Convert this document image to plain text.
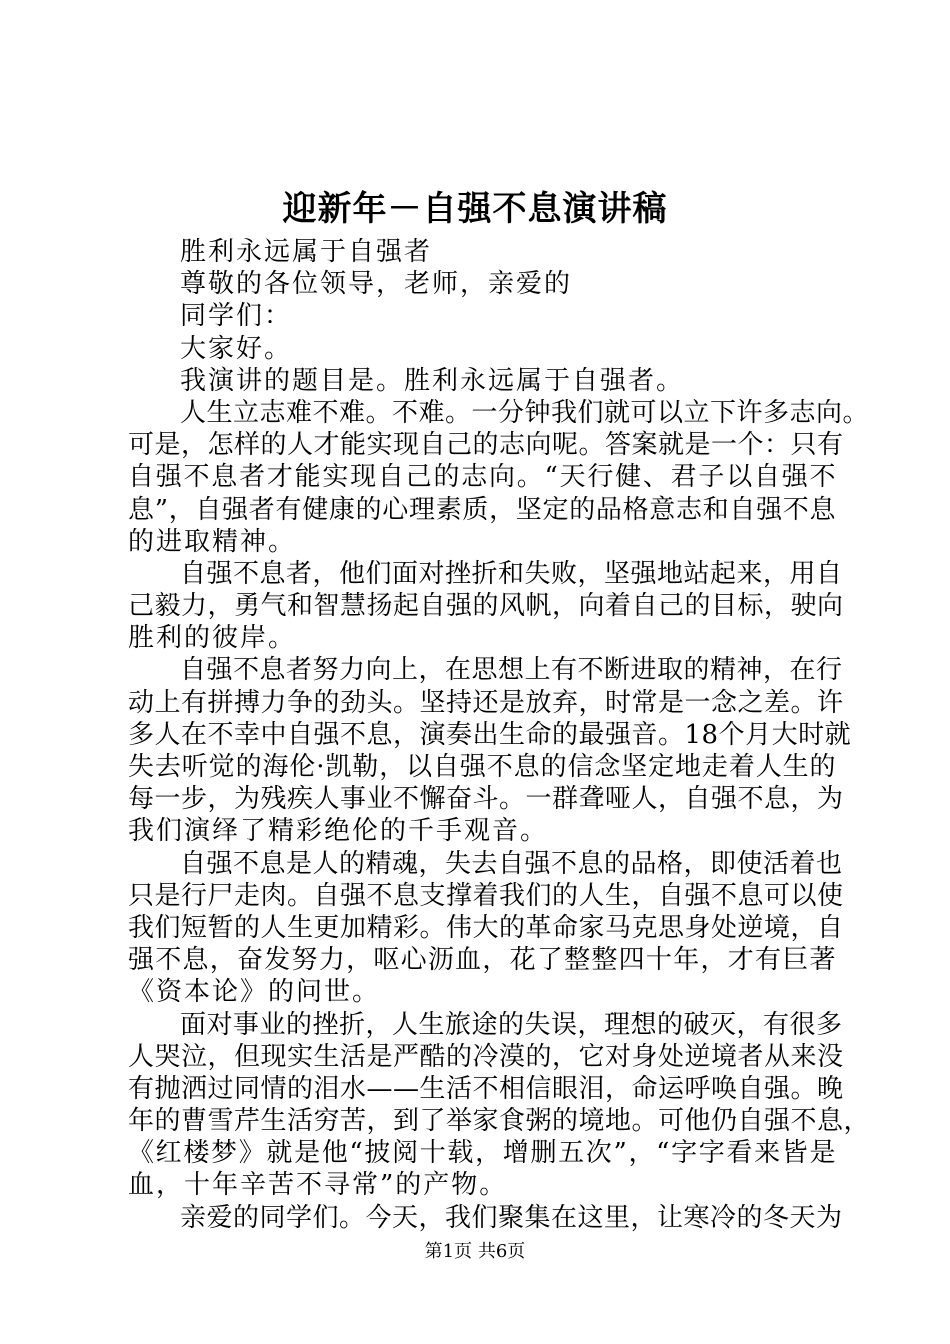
迎新年－自强不息演讲稿
胜利永远属于自强者
尊敬的各位领导，老师，亲爱的
同学们：
大家好。
我演讲的题目是。胜利永远属于自强者。
人生立志难不难。不难。一分钟我们就可以立下许多志向。
可是，怎样的人才能实现自己的志向呢。答案就是一个：只有
自强不息者才能实现自己的志向。“天行健、君子以自强不
息”，自强者有健康的心理素质，坚定的品格意志和自强不息
的进取精神。
自强不息者，他们面对挫折和失败，坚强地站起来，用自
己毅力，勇气和智慧扬起自强的风帆，向着自己的目标，驶向
胜利的彼岸。
自强不息者努力向上，在思想上有不断进取的精神，在行
动上有拼搏力争的劲头。坚持还是放弃，时常是一念之差。许
多人在不幸中自强不息，演奏出生命的最强音。18个月大时就
失去听觉的海伦·凯勒，以自强不息的信念坚定地走着人生的
每一步，为残疾人事业不懈奋斗。一群聋哑人，自强不息，为
我们演绎了精彩绝伦的千手观音。
自强不息是人的精魂，失去自强不息的品格，即使活着也
只是行尸走肉。自强不息支撑着我们的人生，自强不息可以使
我们短暂的人生更加精彩。伟大的革命家马克思身处逆境，自
强不息，奋发努力，呕心沥血，花了整整四十年，才有巨著
《资本论》的问世。
面对事业的挫折，人生旅途的失误，理想的破灭，有很多
人哭泣，但现实生活是严酷的冷漠的，它对身处逆境者从来没
有抛洒过同情的泪水——生活不相信眼泪，命运呼唤自强。晚
年的曹雪芹生活穷苦，到了举家食粥的境地。可他仍自强不息，
《红楼梦》就是他“披阅十载，增删五次”，“字字看来皆是
血，十年辛苦不寻常”的产物。
亲爱的同学们。今天，我们聚集在这里，让寒冷的冬天为
第1页 共6页
